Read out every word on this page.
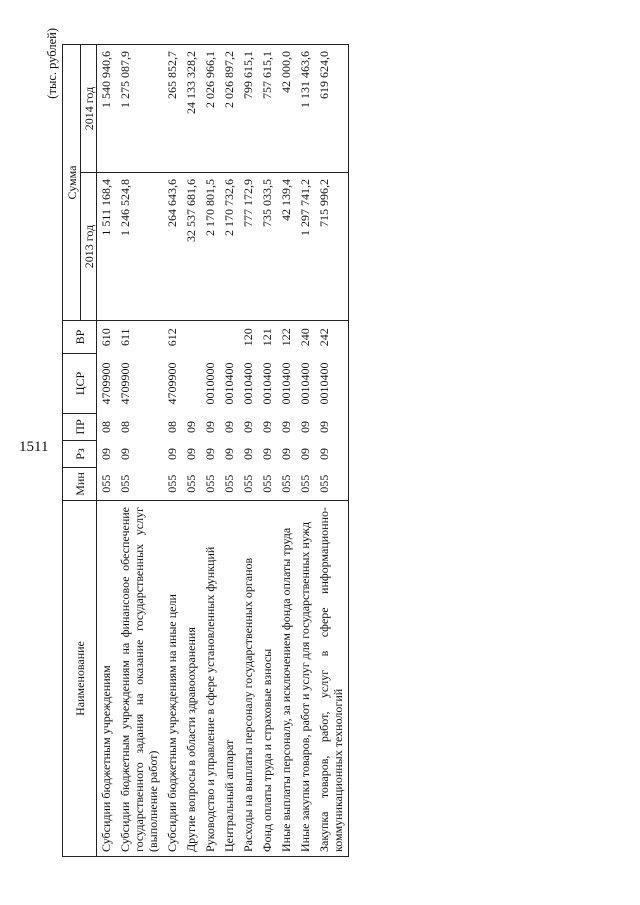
1511
(тыс. рублей)
Наименование	Мин	Рз	ПР	ЦСР	ВР	Сумма	
						2013 год	2014 год
Субсидии бюджетным учреждениям	055	09	08	4709900	610	1 511 168,4	1 540 940,6
Субсидии бюджетным учреждениям на финансовое обеспечение государственного задания на оказание государственных услуг (выполнение работ)	055	09	08	4709900	611	1 246 524,8	1 275 087,9
Субсидии бюджетным учреждениям на иные цели	055	09	08	4709900	612	264 643,6	265 852,7
Другие вопросы в области здравоохранения	055	09	09			32 537 681,6	24 133 328,2
Руководство и управление в сфере установленных функций	055	09	09	0010000		2 170 801,5	2 026 966,1
Центральный аппарат	055	09	09	0010400		2 170 732,6	2 026 897,2
Расходы на выплаты персоналу государственных органов	055	09	09	0010400	120	777 172,9	799 615,1
Фонд оплаты труда и страховые взносы	055	09	09	0010400	121	735 033,5	757 615,1
Иные выплаты персоналу, за исключением фонда оплаты труда	055	09	09	0010400	122	42 139,4	42 000,0
Иные закупки товаров, работ и услуг для государственных нужд	055	09	09	0010400	240	1 297 741,2	1 131 463,6
Закупка товаров, работ, услуг в сфере информационно-коммуникационных технологий	055	09	09	0010400	242	715 996,2	619 624,0
